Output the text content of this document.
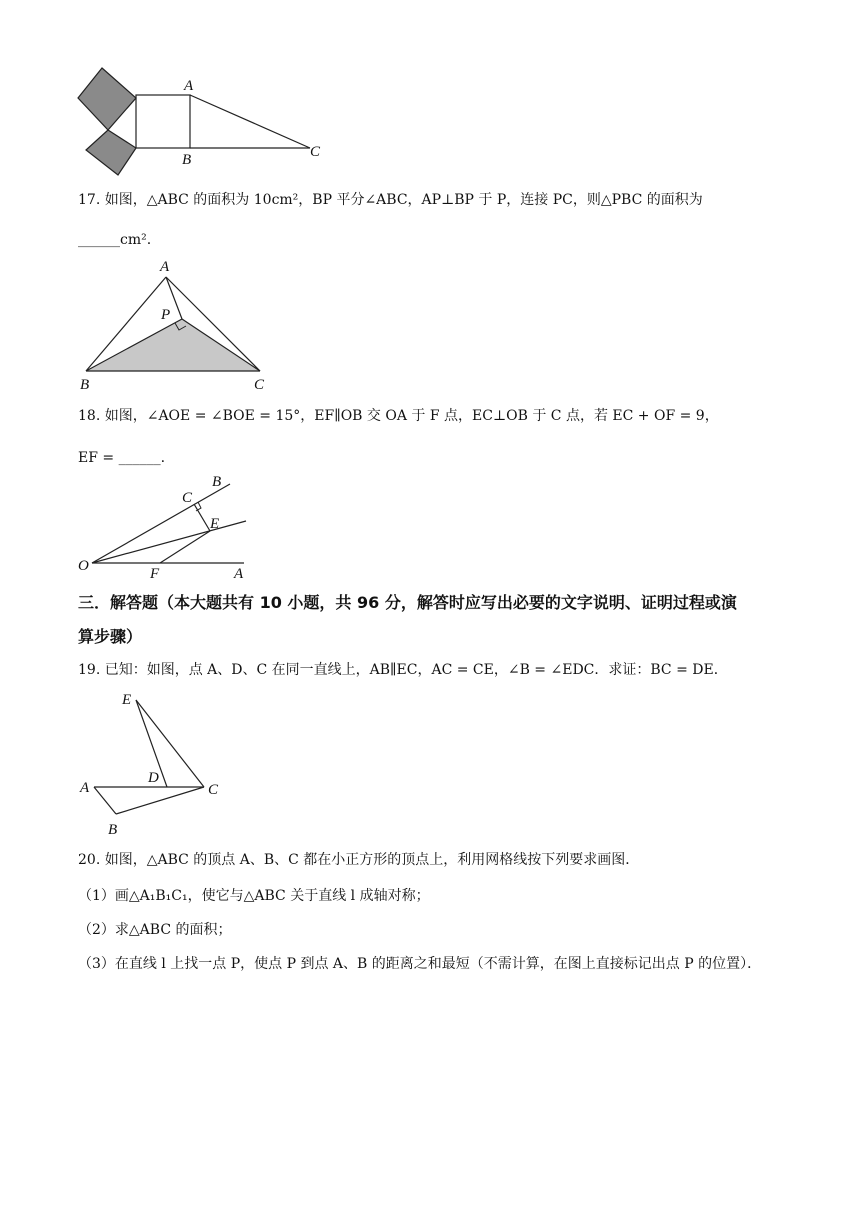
A
B	C
17. 如图，△ABC 的面积为 10cm²，BP 平分∠ABC，AP⊥BP 于 P，连接 PC，则△PBC 的面积为
______cm².
A
P
B	C
18. 如图，∠AOE = ∠BOE = 15°，EF∥OB 交 OA 于 F 点，EC⊥OB 于 C 点，若 EC + OF = 9，
EF = ______.
O	F	A
B
C
E
三．解答题（本大题共有 10 小题，共 96 分，解答时应写出必要的文字说明、证明过程或演
算步骤）
19. 已知：如图，点 A、D、C 在同一直线上，AB∥EC，AC = CE，∠B = ∠EDC．求证：BC = DE．
E
A
D
C
B
20. 如图，△ABC 的顶点 A、B、C 都在小正方形的顶点上，利用网格线按下列要求画图．
（1）画△A₁B₁C₁，使它与△ABC 关于直线 l 成轴对称；
（2）求△ABC 的面积；
（3）在直线 l 上找一点 P，使点 P 到点 A、B 的距离之和最短（不需计算，在图上直接标记出点 P 的位置）．
